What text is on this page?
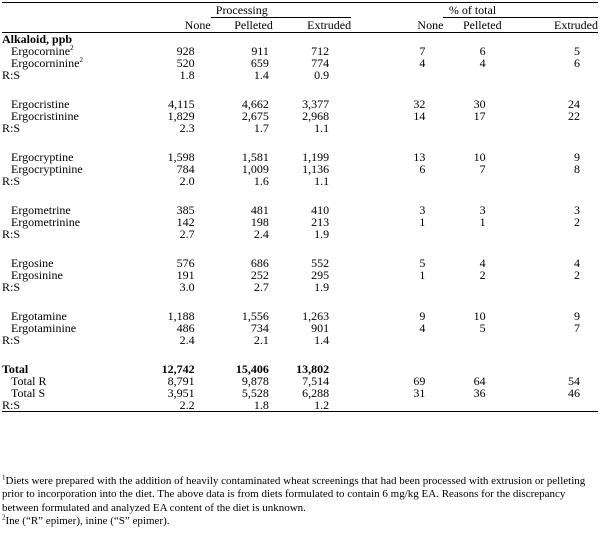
		Processing			% of total	
	None	Pelleted	Extruded	None	Pelleted	Extruded
Alkaloid, ppb						
Ergocornine$^2$	928	911	712	7	6	5
Ergocorninine$^2$	520	659	774	4	4	6
R:S	1.8	1.4	0.9			

Ergocristine	4,115	4,662	3,377	32	30	24
Ergocristinine	1,829	2,675	2,968	14	17	22
R:S	2.3	1.7	1.1			

Ergocryptine	1,598	1,581	1,199	13	10	9
Ergocryptinine	784	1,009	1,136	6	7	8
R:S	2.0	1.6	1.1			

Ergometrine	385	481	410	3	3	3
Ergometrinine	142	198	213	1	1	2
R:S	2.7	2.4	1.9			

Ergosine	576	686	552	5	4	4
Ergosinine	191	252	295	1	2	2
R:S	3.0	2.7	1.9			

Ergotamine	1,188	1,556	1,263	9	10	9
Ergotaminine	486	734	901	4	5	7
R:S	2.4	2.1	1.4			

Total	12,742	15,406	13,802			
Total R	8,791	9,878	7,514	69	64	54
Total S	3,951	5,528	6,288	31	36	46
R:S	2.2	1.8	1.2			

$^1$Diets were prepared with the addition of heavily contaminated wheat screenings that had been processed with extrusion or pelleting prior to incorporation into the diet. The above data is from diets formulated to contain 6 mg/kg EA. Reasons for the discrepancy between formulated and analyzed EA content of the diet is unknown.

$^2$Ine (“R” epimer), inine (“S” epimer).
